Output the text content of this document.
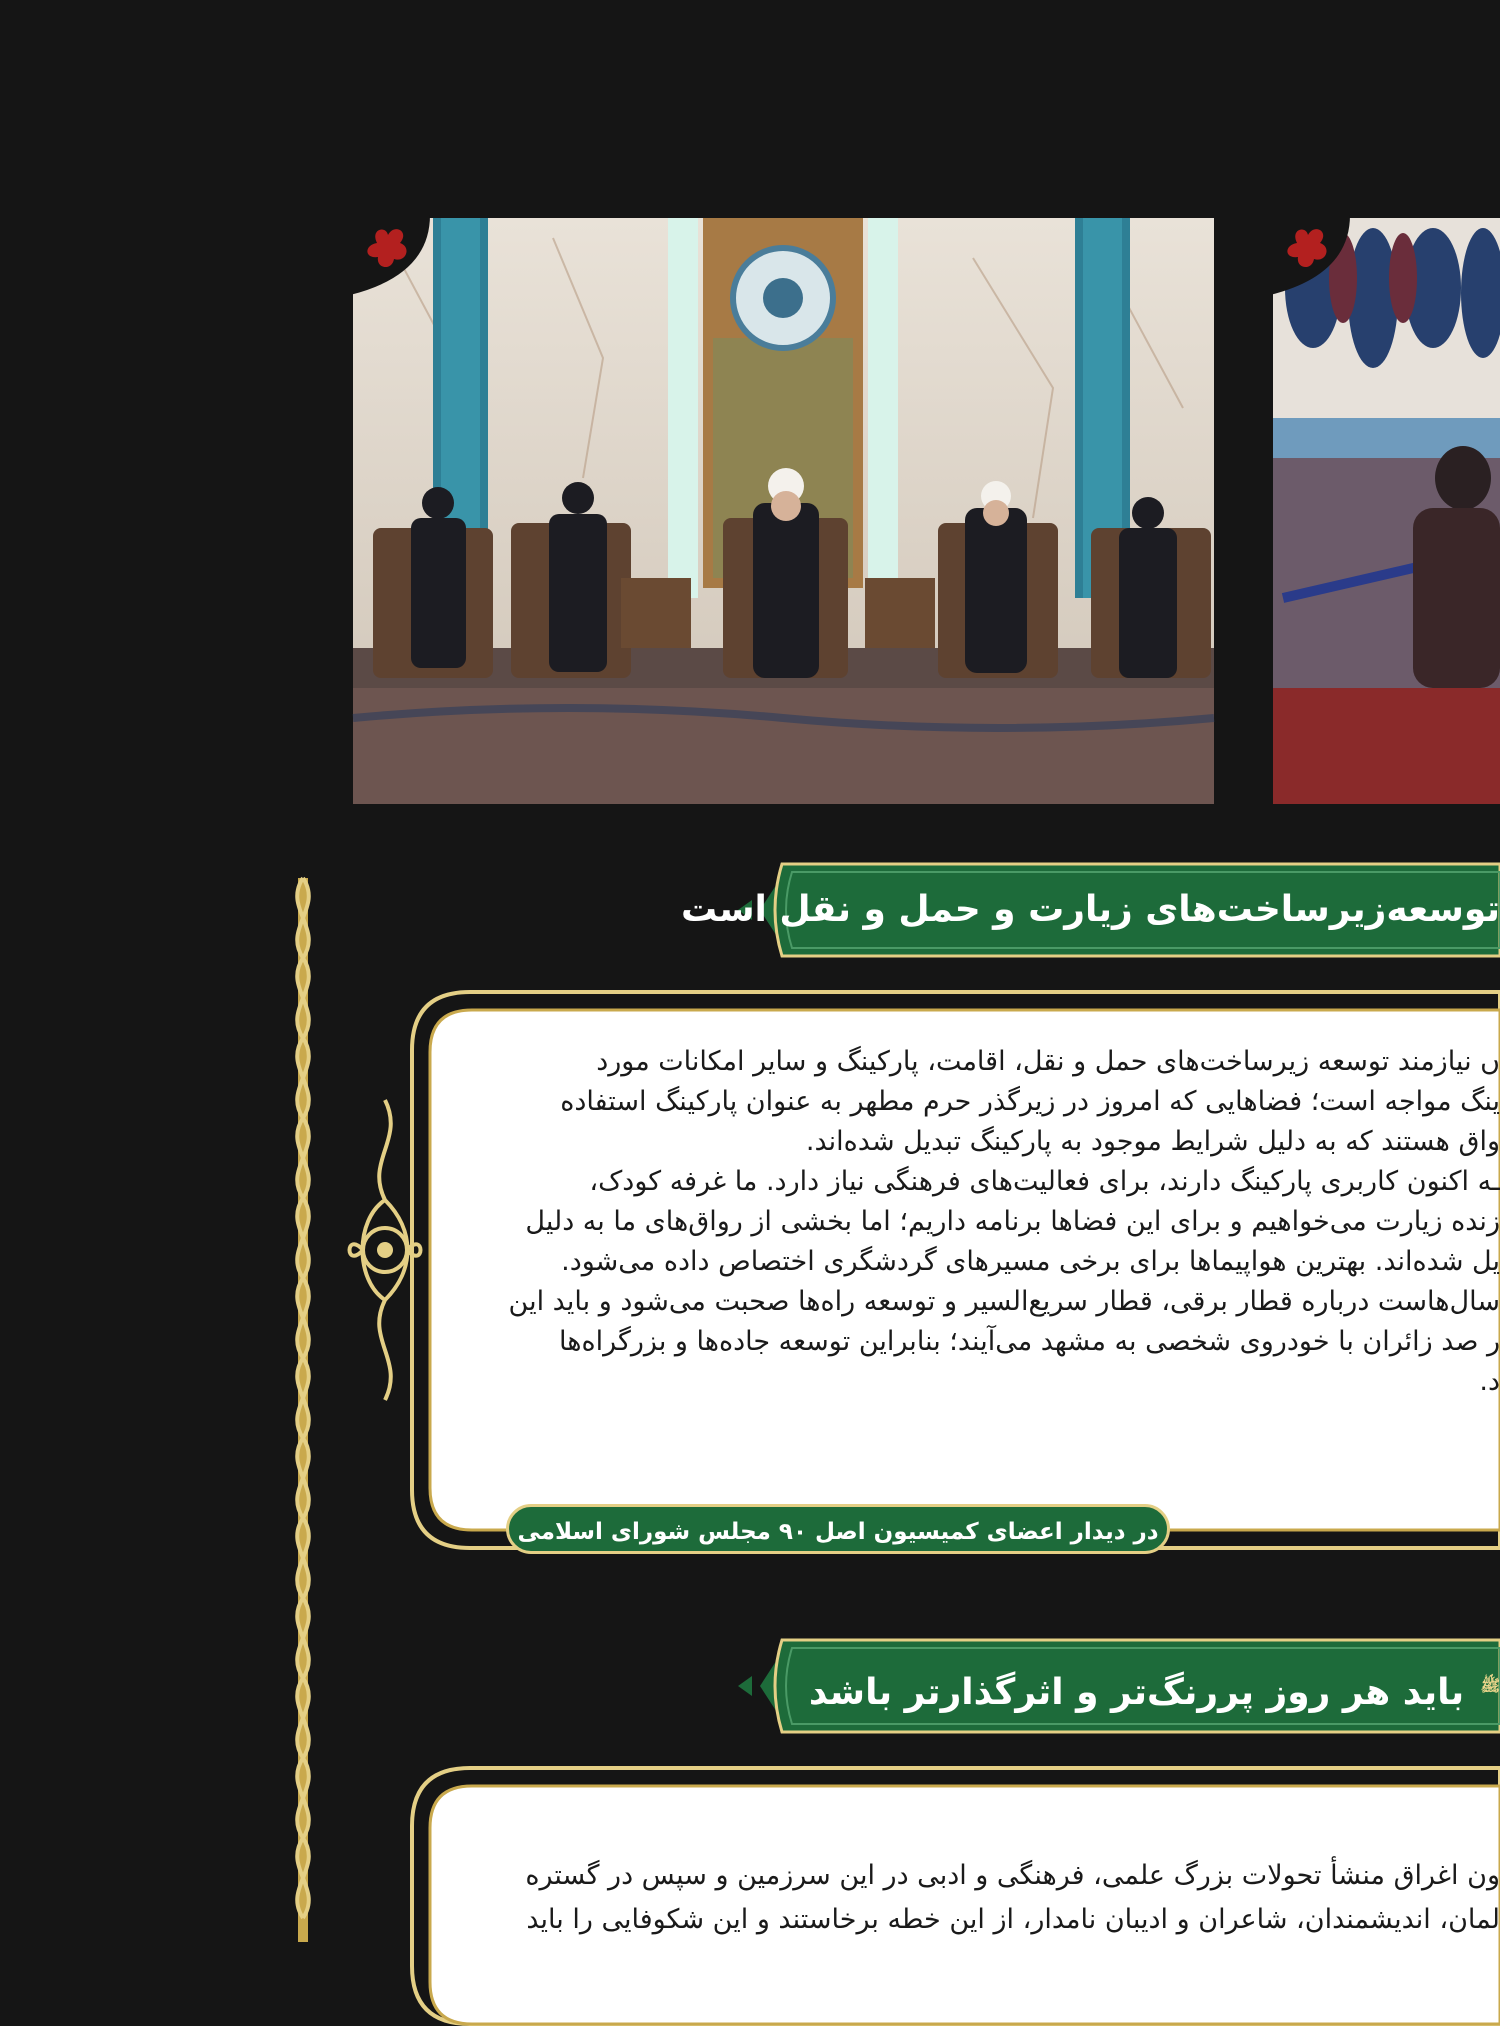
توسعه‌زیرساخت‌های زیارت و حمل و نقل است
ں نیازمند توسعه زیرساخت‌های حمل و نقل، اقامت، پارکینگ و سایر امکانات مورد
ینگ مواجه است؛ فضاهایی که امروز در زیرگذر حرم مطهر به عنوان پارکینگ استفاده
واق هستند که به دلیل شرایط موجود به پارکینگ تبدیل شده‌اند.
ـه اکنون کاربری پارکینگ دارند، برای فعالیت‌های فرهنگی نیاز دارد. ما غرفه کودک،
زنده زیارت می‌خواهیم و برای این فضاها برنامه داریم؛ اما بخشی از رواق‌های ما به دلیل
یل شده‌اند. بهترین هواپیماها برای برخی مسیرهای گردشگری اختصاص داده می‌شود.
سال‌هاست درباره قطار برقی، قطار سریع‌السیر و توسعه راه‌ها صحبت می‌شود و باید این
ر صد زائران با خودروی شخصی به مشهد می‌آیند؛ بنابراین توسعه جاده‌ها و بزرگراه‌ها
د.
در دیدار اعضای کمیسیون اصل ۹۰ مجلس شورای اسلامی
$^ﷺ$ باید هر روز پررنگ‌تر و اثرگذارتر باشد
ون اغراق منشأ تحولات بزرگ علمی، فرهنگی و ادبی در این سرزمین و سپس در گستره
لمان، اندیشمندان، شاعران و ادیبان نامدار، از این خطه برخاستند و این شکوفایی را باید
